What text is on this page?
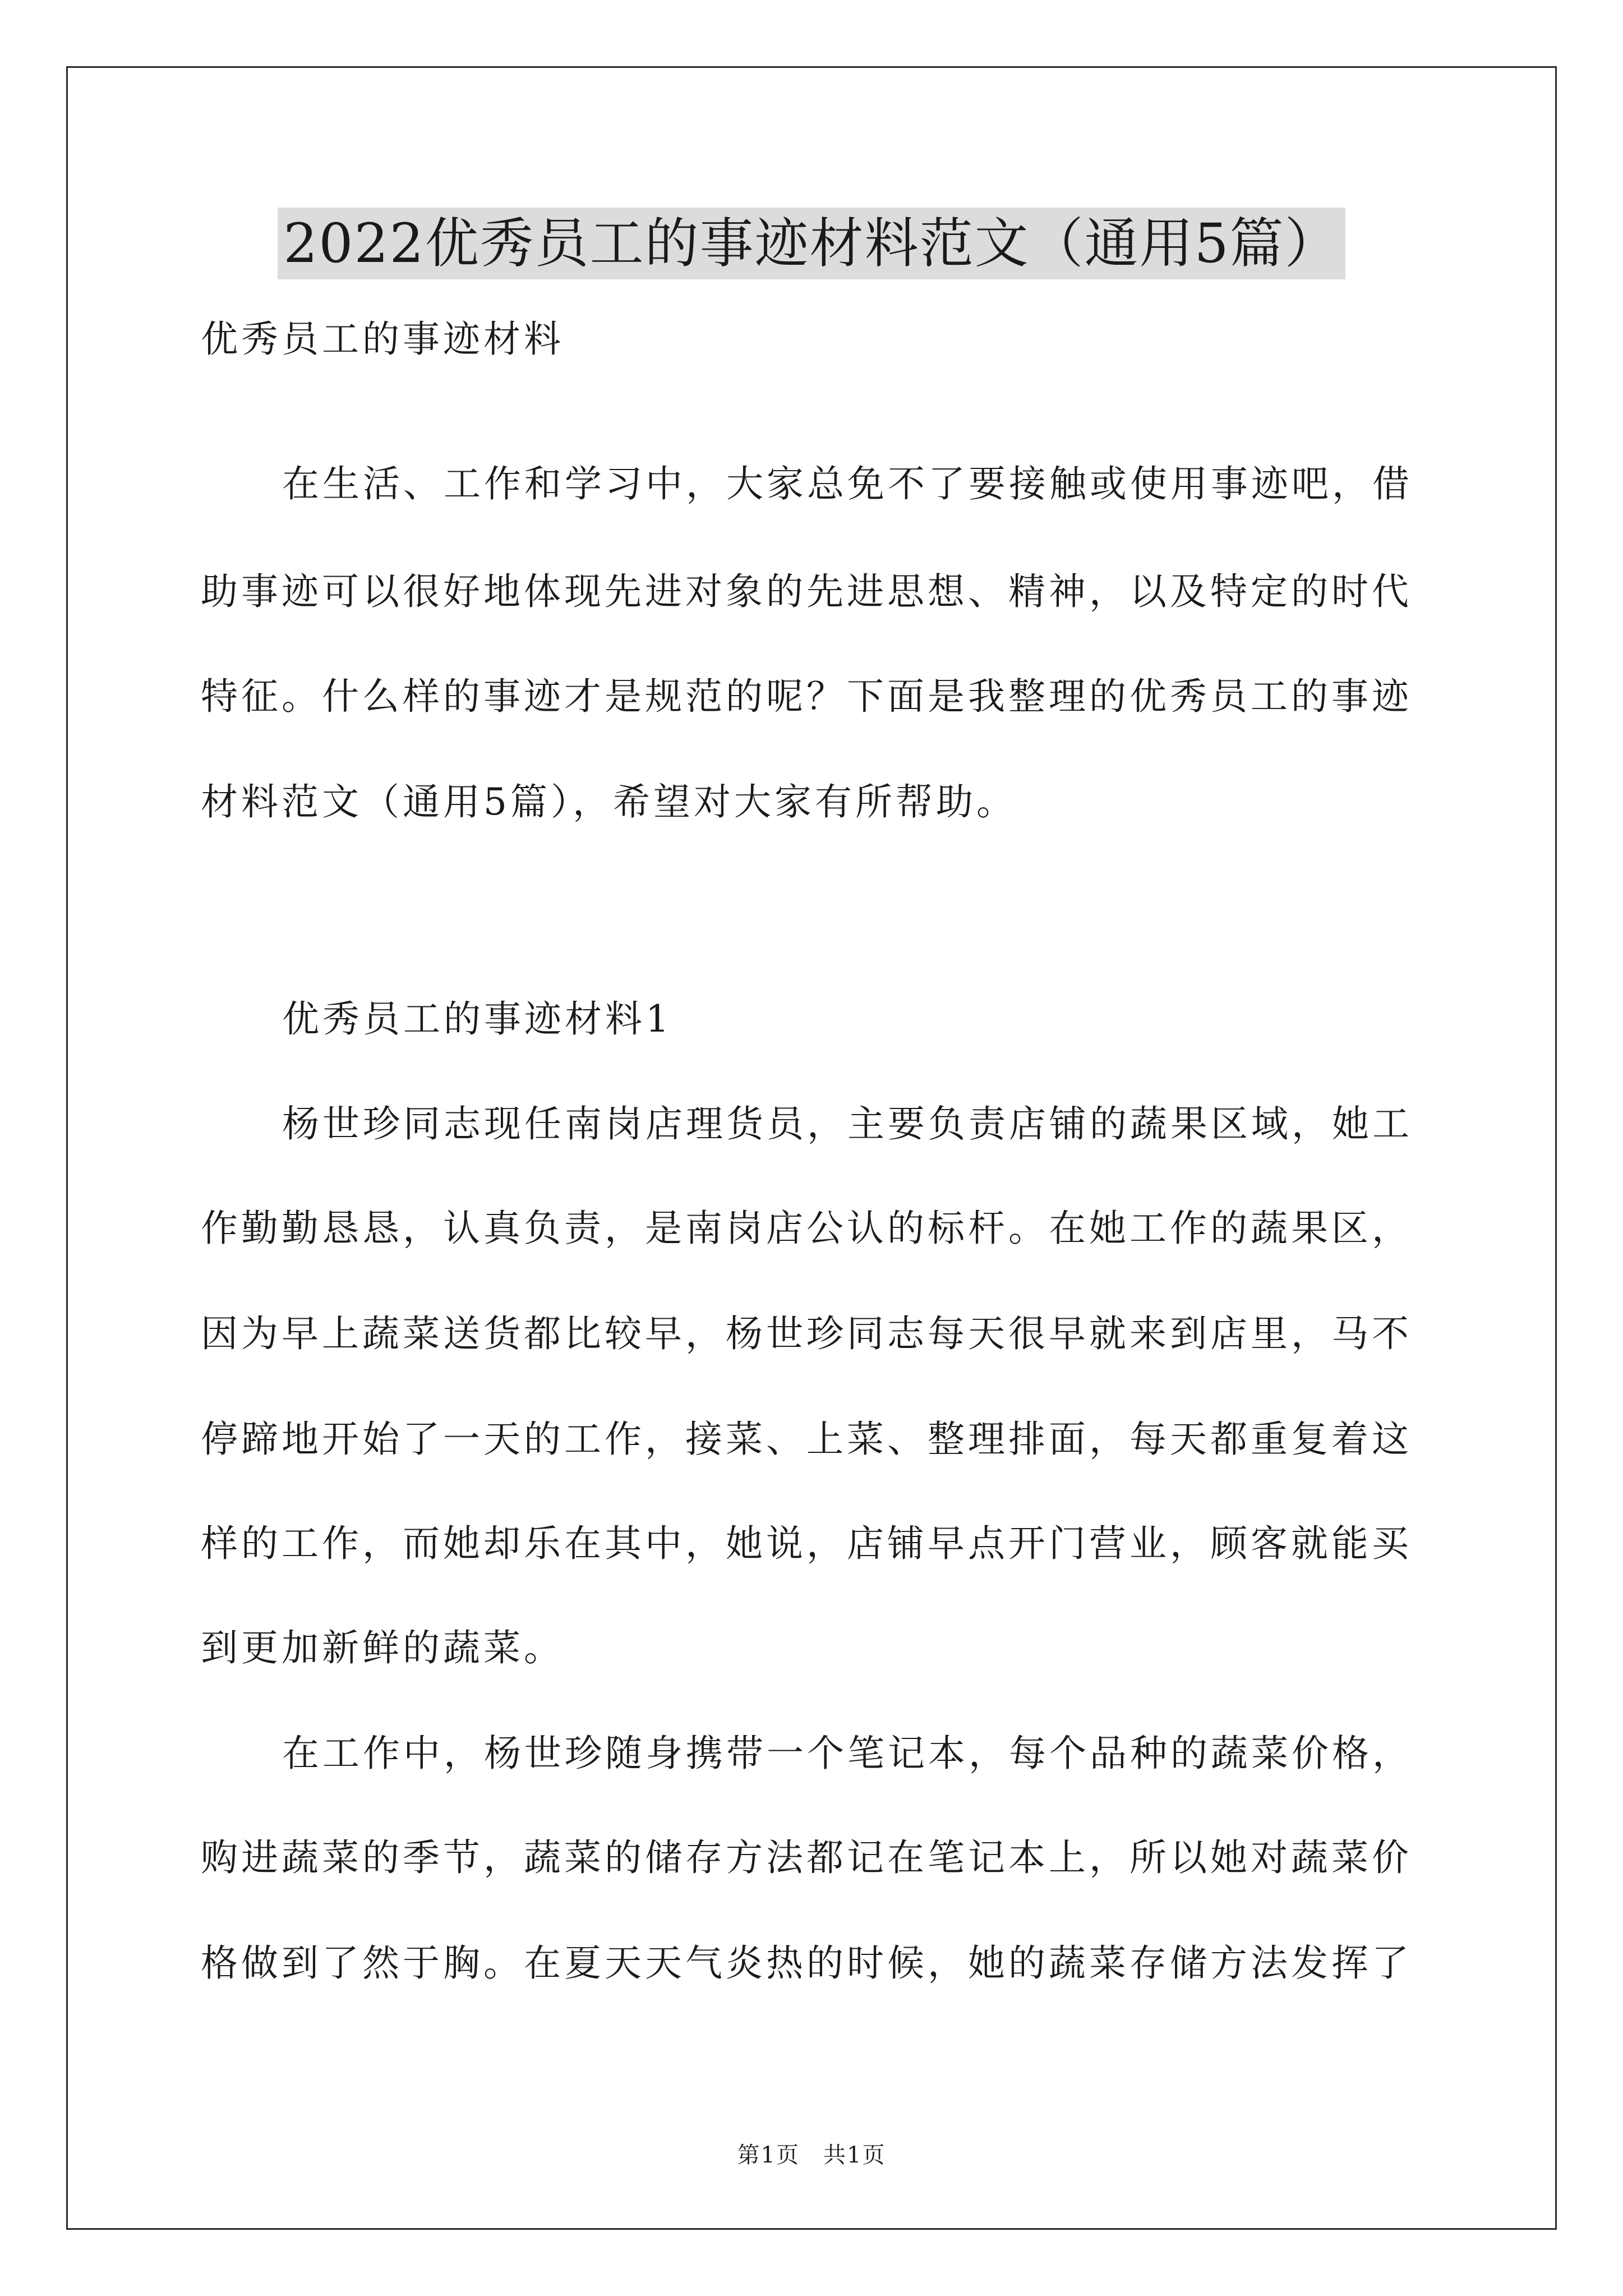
2022优秀员工的事迹材料范文（通用5篇）
优秀员工的事迹材料
在生活、工作和学习中，大家总免不了要接触或使用事迹吧，借
助事迹可以很好地体现先进对象的先进思想、精神，以及特定的时代
特征。什么样的事迹才是规范的呢？下面是我整理的优秀员工的事迹
材料范文（通用5篇），希望对大家有所帮助。
优秀员工的事迹材料1
杨世珍同志现任南岗店理货员，主要负责店铺的蔬果区域，她工
作勤勤恳恳，认真负责，是南岗店公认的标杆。在她工作的蔬果区，
因为早上蔬菜送货都比较早，杨世珍同志每天很早就来到店里，马不
停蹄地开始了一天的工作，接菜、上菜、整理排面，每天都重复着这
样的工作，而她却乐在其中，她说，店铺早点开门营业，顾客就能买
到更加新鲜的蔬菜。
在工作中，杨世珍随身携带一个笔记本，每个品种的蔬菜价格，
购进蔬菜的季节，蔬菜的储存方法都记在笔记本上，所以她对蔬菜价
格做到了然于胸。在夏天天气炎热的时候，她的蔬菜存储方法发挥了
第1页　共1页
